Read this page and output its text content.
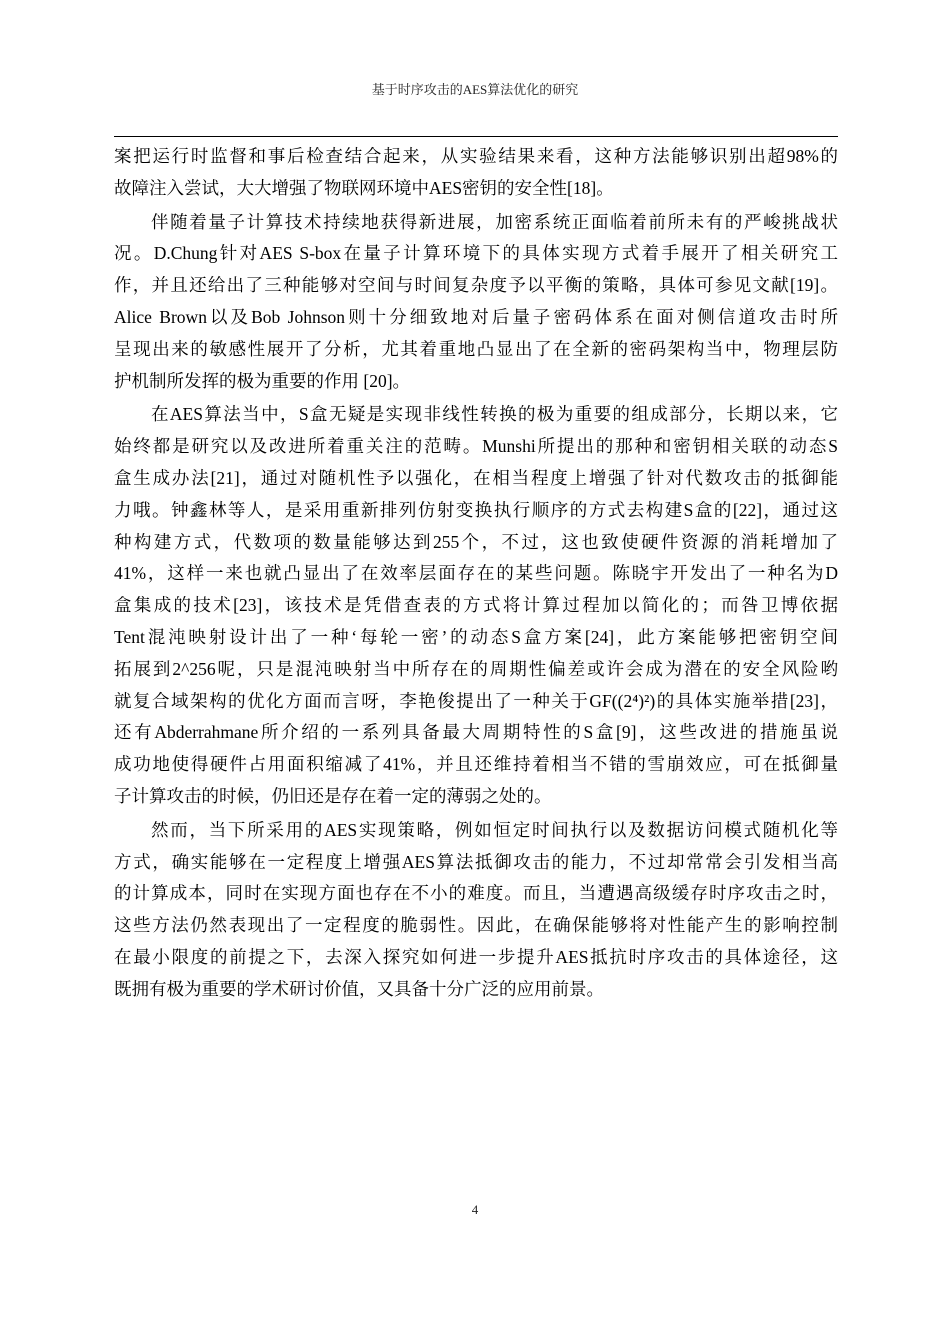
基于时序攻击的AES算法优化的研究
案把运行时监督和事后检查结合起来，从实验结果来看，这种方法能够识别出超98%的
故障注入尝试，大大增强了物联网环境中AES密钥的安全性[18]。
伴随着量子计算技术持续地获得新进展，加密系统正面临着前所未有的严峻挑战状
况。D.Chung针对AES S-box在量子计算环境下的具体实现方式着手展开了相关研究工
作，并且还给出了三种能够对空间与时间复杂度予以平衡的策略，具体可参见文献[19]。
Alice Brown以及Bob Johnson则十分细致地对后量子密码体系在面对侧信道攻击时所
呈现出来的敏感性展开了分析，尤其着重地凸显出了在全新的密码架构当中，物理层防
护机制所发挥的极为重要的作用 [20]。
在AES算法当中，S盒无疑是实现非线性转换的极为重要的组成部分，长期以来，它
始终都是研究以及改进所着重关注的范畴。Munshi所提出的那种和密钥相关联的动态S
盒生成办法[21]，通过对随机性予以强化，在相当程度上增强了针对代数攻击的抵御能
力哦。钟鑫林等人，是采用重新排列仿射变换执行顺序的方式去构建S盒的[22]，通过这
种构建方式，代数项的数量能够达到255个，不过，这也致使硬件资源的消耗增加了
41%，这样一来也就凸显出了在效率层面存在的某些问题。陈晓宇开发出了一种名为D
盒集成的技术[23]，该技术是凭借查表的方式将计算过程加以简化的；而咎卫博依据
Tent混沌映射设计出了一种‘每轮一密’的动态S盒方案[24]，此方案能够把密钥空间
拓展到2^256呢，只是混沌映射当中所存在的周期性偏差或许会成为潜在的安全风险哟
就复合域架构的优化方面而言呀，李艳俊提出了一种关于GF((2⁴)²)的具体实施举措[23]，
还有Abderrahmane所介绍的一系列具备最大周期特性的S盒[9]，这些改进的措施虽说
成功地使得硬件占用面积缩减了41%，并且还维持着相当不错的雪崩效应，可在抵御量
子计算攻击的时候，仍旧还是存在着一定的薄弱之处的。
然而，当下所采用的AES实现策略，例如恒定时间执行以及数据访问模式随机化等
方式，确实能够在一定程度上增强AES算法抵御攻击的能力，不过却常常会引发相当高
的计算成本，同时在实现方面也存在不小的难度。而且，当遭遇高级缓存时序攻击之时，
这些方法仍然表现出了一定程度的脆弱性。因此，在确保能够将对性能产生的影响控制
在最小限度的前提之下，去深入探究如何进一步提升AES抵抗时序攻击的具体途径，这
既拥有极为重要的学术研讨价值，又具备十分广泛的应用前景。
4
